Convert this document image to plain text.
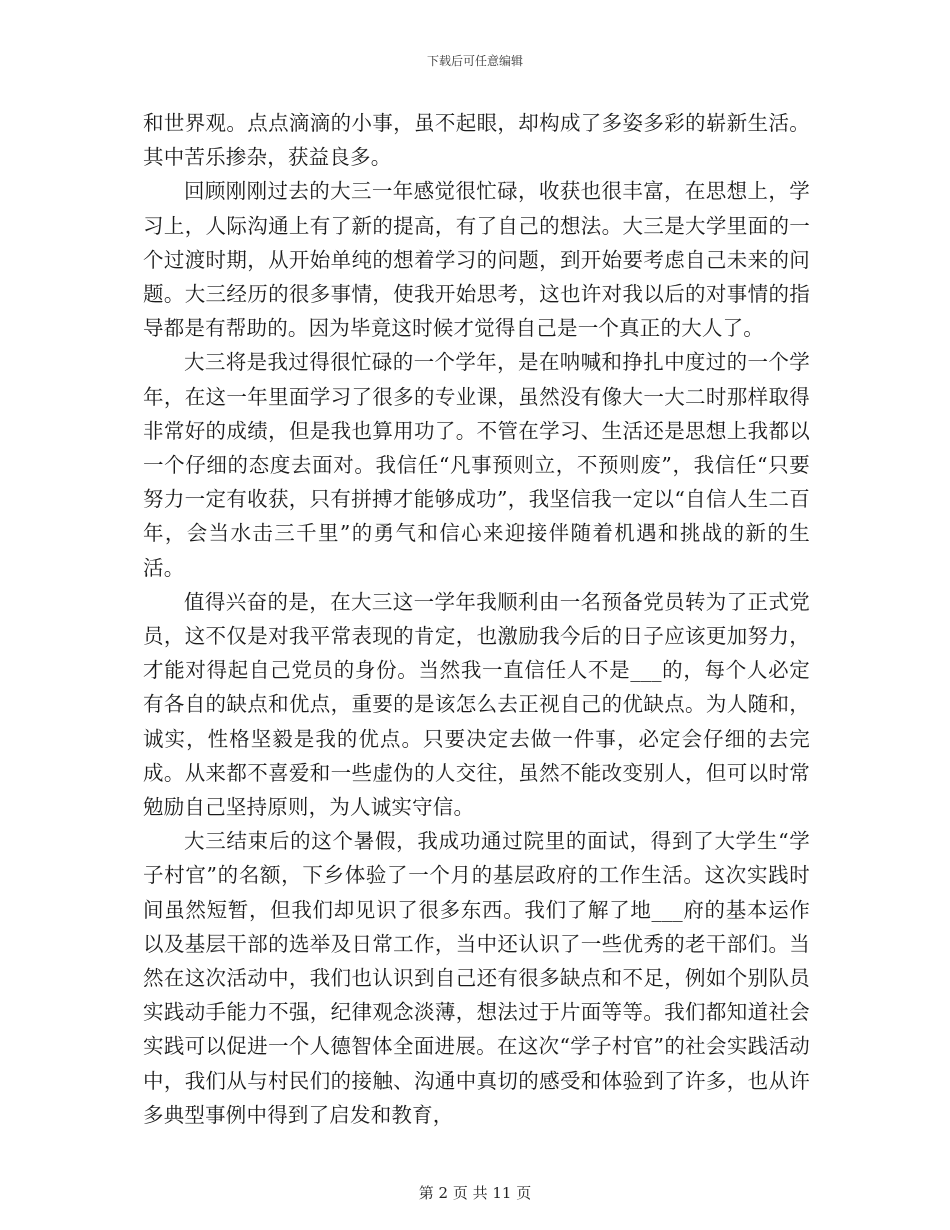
下载后可任意编辑

和世界观。点点滴滴的小事，虽不起眼，却构成了多姿多彩的崭新生活。其中苦乐掺杂，获益良多。

回顾刚刚过去的大三一年感觉很忙碌，收获也很丰富，在思想上，学习上，人际沟通上有了新的提高，有了自己的想法。大三是大学里面的一个过渡时期，从开始单纯的想着学习的问题，到开始要考虑自己未来的问题。大三经历的很多事情，使我开始思考，这也许对我以后的对事情的指导都是有帮助的。因为毕竟这时候才觉得自己是一个真正的大人了。

大三将是我过得很忙碌的一个学年，是在呐喊和挣扎中度过的一个学年，在这一年里面学习了很多的专业课，虽然没有像大一大二时那样取得非常好的成绩，但是我也算用功了。不管在学习、生活还是思想上我都以一个仔细的态度去面对。我信任“凡事预则立，不预则废”，我信任“只要努力一定有收获，只有拼搏才能够成功”，我坚信我一定以“自信人生二百年，会当水击三千里”的勇气和信心来迎接伴随着机遇和挑战的新的生活。

值得兴奋的是，在大三这一学年我顺利由一名预备党员转为了正式党员，这不仅是对我平常表现的肯定，也激励我今后的日子应该更加努力，才能对得起自己党员的身份。当然我一直信任人不是___的，每个人必定有各自的缺点和优点，重要的是该怎么去正视自己的优缺点。为人随和，诚实，性格坚毅是我的优点。只要决定去做一件事，必定会仔细的去完成。从来都不喜爱和一些虚伪的人交往，虽然不能改变别人，但可以时常勉励自己坚持原则，为人诚实守信。

大三结束后的这个暑假，我成功通过院里的面试，得到了大学生“学子村官”的名额，下乡体验了一个月的基层政府的工作生活。这次实践时间虽然短暂，但我们却见识了很多东西。我们了解了地___府的基本运作以及基层干部的选举及日常工作，当中还认识了一些优秀的老干部们。当然在这次活动中，我们也认识到自己还有很多缺点和不足，例如个别队员实践动手能力不强，纪律观念淡薄，想法过于片面等等。我们都知道社会实践可以促进一个人德智体全面进展。在这次“学子村官”的社会实践活动中，我们从与村民们的接触、沟通中真切的感受和体验到了许多，也从许多典型事例中得到了启发和教育，

第 2 页 共 11 页
